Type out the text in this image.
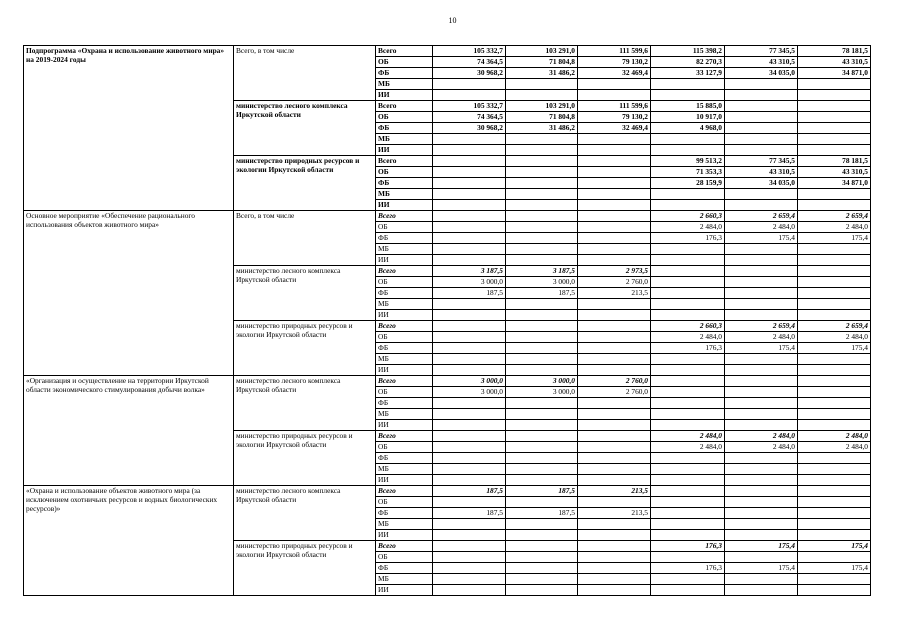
10
Подпрограмма «Охрана и использование животного мира» на 2019-2024 годы	Всего, в том числе	Всего	105 332,7	103 291,0	111 599,6	115 398,2	77 345,5	78 181,5
		ОБ	74 364,5	71 804,8	79 130,2	82 270,3	43 310,5	43 310,5
		ФБ	30 968,2	31 486,2	32 469,4	33 127,9	34 035,0	34 871,0
		МБ						
		ИИ						
	министерство лесного комплекса Иркутской области	Всего	105 332,7	103 291,0	111 599,6	15 885,0		
		ОБ	74 364,5	71 804,8	79 130,2	10 917,0		
		ФБ	30 968,2	31 486,2	32 469,4	4 968,0		
		МБ						
		ИИ						
	министерство природных ресурсов и экологии Иркутской области	Всего				99 513,2	77 345,5	78 181,5
		ОБ				71 353,3	43 310,5	43 310,5
		ФБ				28 159,9	34 035,0	34 871,0
		МБ						
		ИИ						
Основное мероприятие «Обеспечение рационального использования объектов животного мира»	Всего, в том числе	Всего				2 660,3	2 659,4	2 659,4
		ОБ				2 484,0	2 484,0	2 484,0
		ФБ				176,3	175,4	175,4
		МБ						
		ИИ						
	министерство лесного комплекса Иркутской области	Всего	3 187,5	3 187,5	2 973,5			
		ОБ	3 000,0	3 000,0	2 760,0			
		ФБ	187,5	187,5	213,5			
		МБ						
		ИИ						
	министерство природных ресурсов и экологии Иркутской области	Всего				2 660,3	2 659,4	2 659,4
		ОБ				2 484,0	2 484,0	2 484,0
		ФБ				176,3	175,4	175,4
		МБ						
		ИИ						
«Организация и осуществление на территории Иркутской области экономического стимулирования добычи волка»	министерство лесного комплекса Иркутской области	Всего	3 000,0	3 000,0	2 760,0			
		ОБ	3 000,0	3 000,0	2 760,0			
		ФБ						
		МБ						
		ИИ						
	министерство природных ресурсов и экологии Иркутской области	Всего				2 484,0	2 484,0	2 484,0
		ОБ				2 484,0	2 484,0	2 484,0
		ФБ						
		МБ						
		ИИ						
«Охрана и использование объектов животного мира (за исключением охотничьих ресурсов и водных биологических ресурсов)»	министерство лесного комплекса Иркутской области	Всего	187,5	187,5	213,5			
		ОБ						
		ФБ	187,5	187,5	213,5			
		МБ						
		ИИ						
	министерство природных ресурсов и экологии Иркутской области	Всего				176,3	175,4	175,4
		ОБ						
		ФБ				176,3	175,4	175,4
		МБ						
		ИИ						
